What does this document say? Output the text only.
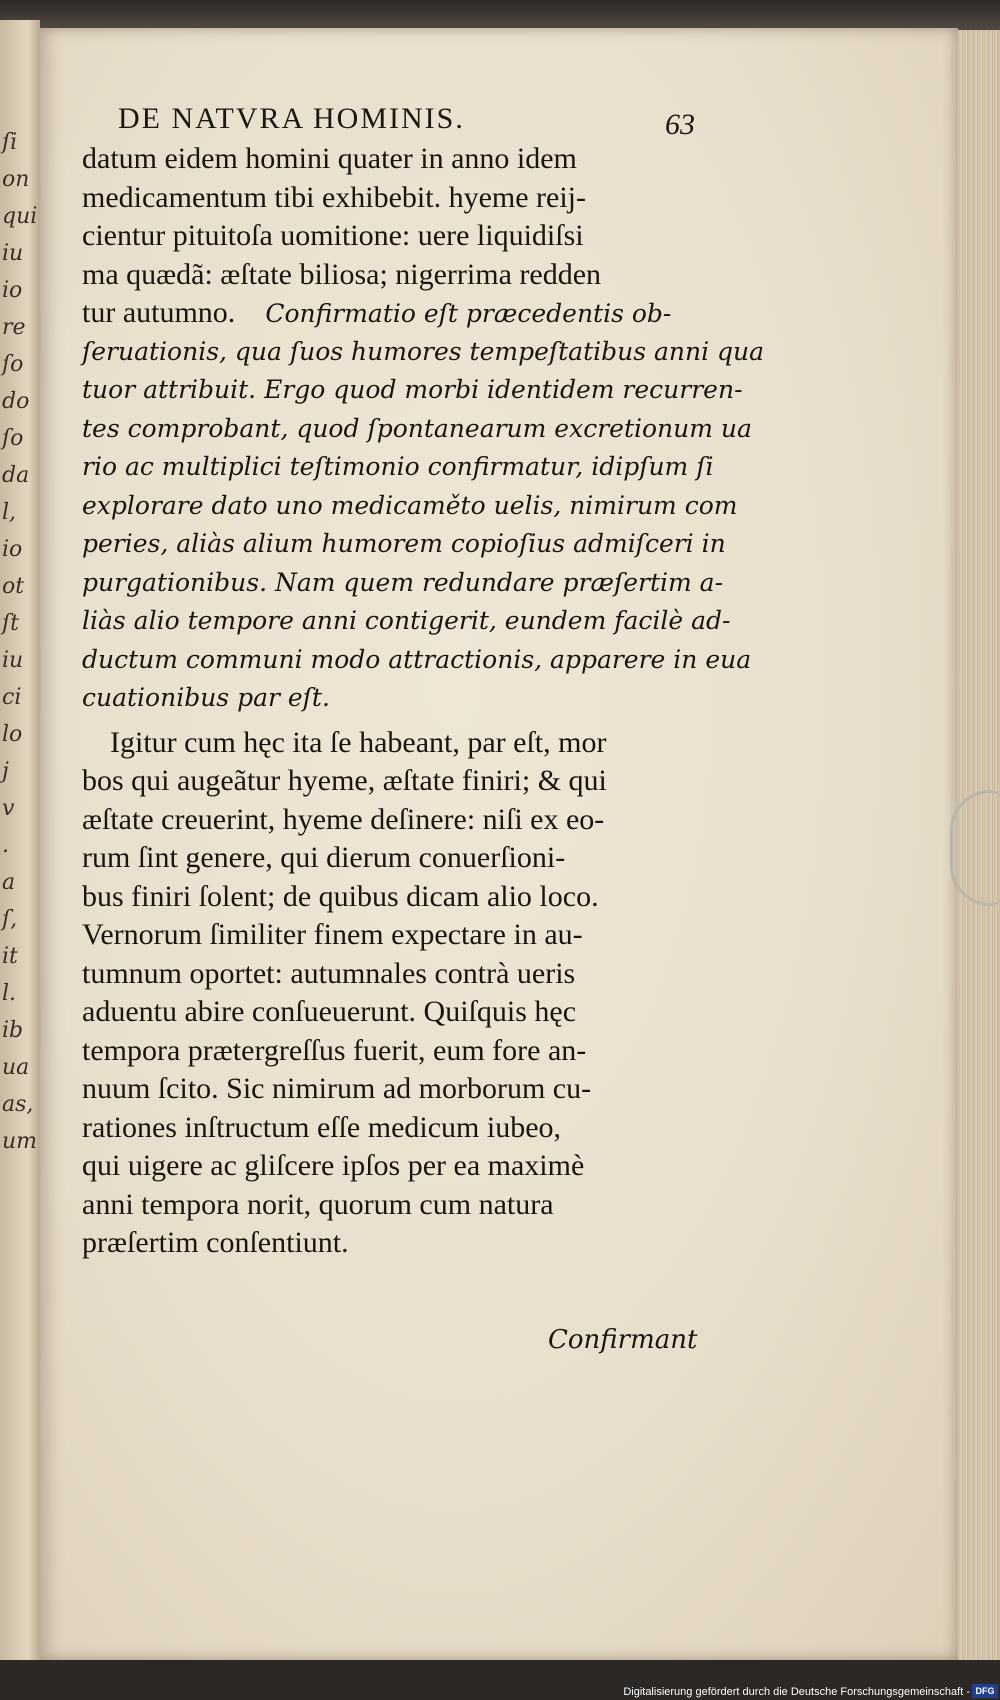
ſi
on
qui
iu
io
re
ſo
do
ſo
da
l,
io
ot
ſt
iu
ci
lo
j
v
.
a
ſ,
it
l.
ib
ua
as,
um
DE NATVRA HOMINIS.	63
datum eidem homini quater in anno idem
medicamentum tibi exhibebit. hyeme reij-
cientur pituitoſa uomitione: uere liquidiſsi
ma quædã: æſtate biliosa; nigerrima redden
tur autumno. Confirmatio eſt præcedentis ob-
ſeruationis, qua ſuos humores tempeſtatibus anni qua
tuor attribuit. Ergo quod morbi identidem recurren-
tes comprobant, quod ſpontanearum excretionum ua
rio ac multiplici teſtimonio confirmatur, idipſum ſi
explorare dato uno medicaměto uelis, nimirum com
peries, aliàs alium humorem copioſius admiſceri in
purgationibus. Nam quem redundare præſertim a-
liàs alio tempore anni contigerit, eundem facilè ad-
ductum communi modo attractionis, apparere in eua
cuationibus par eſt.
Igitur cum hęc ita ſe habeant, par eſt, mor
bos qui augeãtur hyeme, æſtate finiri; & qui
æſtate creuerint, hyeme deſinere: niſi ex eo-
rum ſint genere, qui dierum conuerſioni-
bus finiri ſolent; de quibus dicam alio loco.
Vernorum ſimiliter finem expectare in au-
tumnum oportet: autumnales contrà ueris
aduentu abire conſueuerunt. Quiſquis hęc
tempora prætergreſſus fuerit, eum fore an-
nuum ſcito. Sic nimirum ad morborum cu-
rationes inſtructum eſſe medicum iubeo,
qui uigere ac gliſcere ipſos per ea maximè
anni tempora norit, quorum cum natura
præſertim conſentiunt.
Confirmant
Digitalisierung gefördert durch die Deutsche Forschungsgemeinschaft - DFG
